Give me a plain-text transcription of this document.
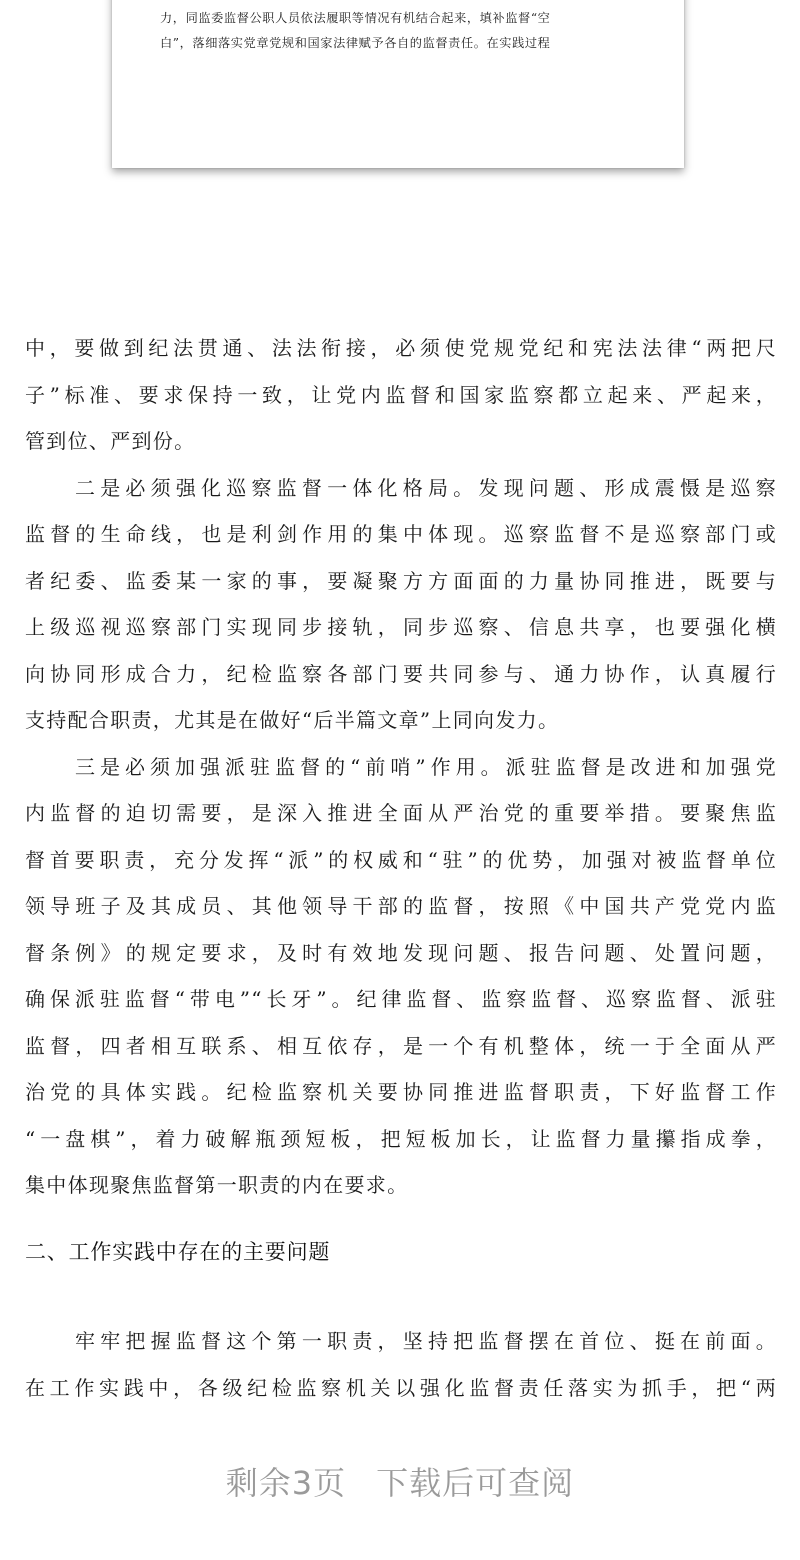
力，同监委监督公职人员依法履职等情况有机结合起来，填补监督“空

白”，落细落实党章党规和国家法律赋予各自的监督责任。在实践过程

中，要做到纪法贯通、法法衔接，必须使党规党纪和宪法法律“两把尺
子”标准、要求保持一致，让党内监督和国家监察都立起来、严起来，
管到位、严到份。
二是必须强化巡察监督一体化格局。发现问题、形成震慑是巡察
监督的生命线，也是利剑作用的集中体现。巡察监督不是巡察部门或
者纪委、监委某一家的事，要凝聚方方面面的力量协同推进，既要与
上级巡视巡察部门实现同步接轨，同步巡察、信息共享，也要强化横
向协同形成合力，纪检监察各部门要共同参与、通力协作，认真履行
支持配合职责，尤其是在做好“后半篇文章”上同向发力。
三是必须加强派驻监督的“前哨”作用。派驻监督是改进和加强党
内监督的迫切需要，是深入推进全面从严治党的重要举措。要聚焦监
督首要职责，充分发挥“派”的权威和“驻”的优势，加强对被监督单位
领导班子及其成员、其他领导干部的监督，按照《中国共产党党内监
督条例》的规定要求，及时有效地发现问题、报告问题、处置问题，
确保派驻监督“带电”“长牙”。纪律监督、监察监督、巡察监督、派驻
监督，四者相互联系、相互依存，是一个有机整体，统一于全面从严
治党的具体实践。纪检监察机关要协同推进监督职责，下好监督工作
“一盘棋”，着力破解瓶颈短板，把短板加长，让监督力量攥指成拳，
集中体现聚焦监督第一职责的内在要求。
二、工作实践中存在的主要问题
牢牢把握监督这个第一职责，坚持把监督摆在首位、挺在前面。
在工作实践中，各级纪检监察机关以强化监督责任落实为抓手，把“两
剩余3页 下载后可查阅
